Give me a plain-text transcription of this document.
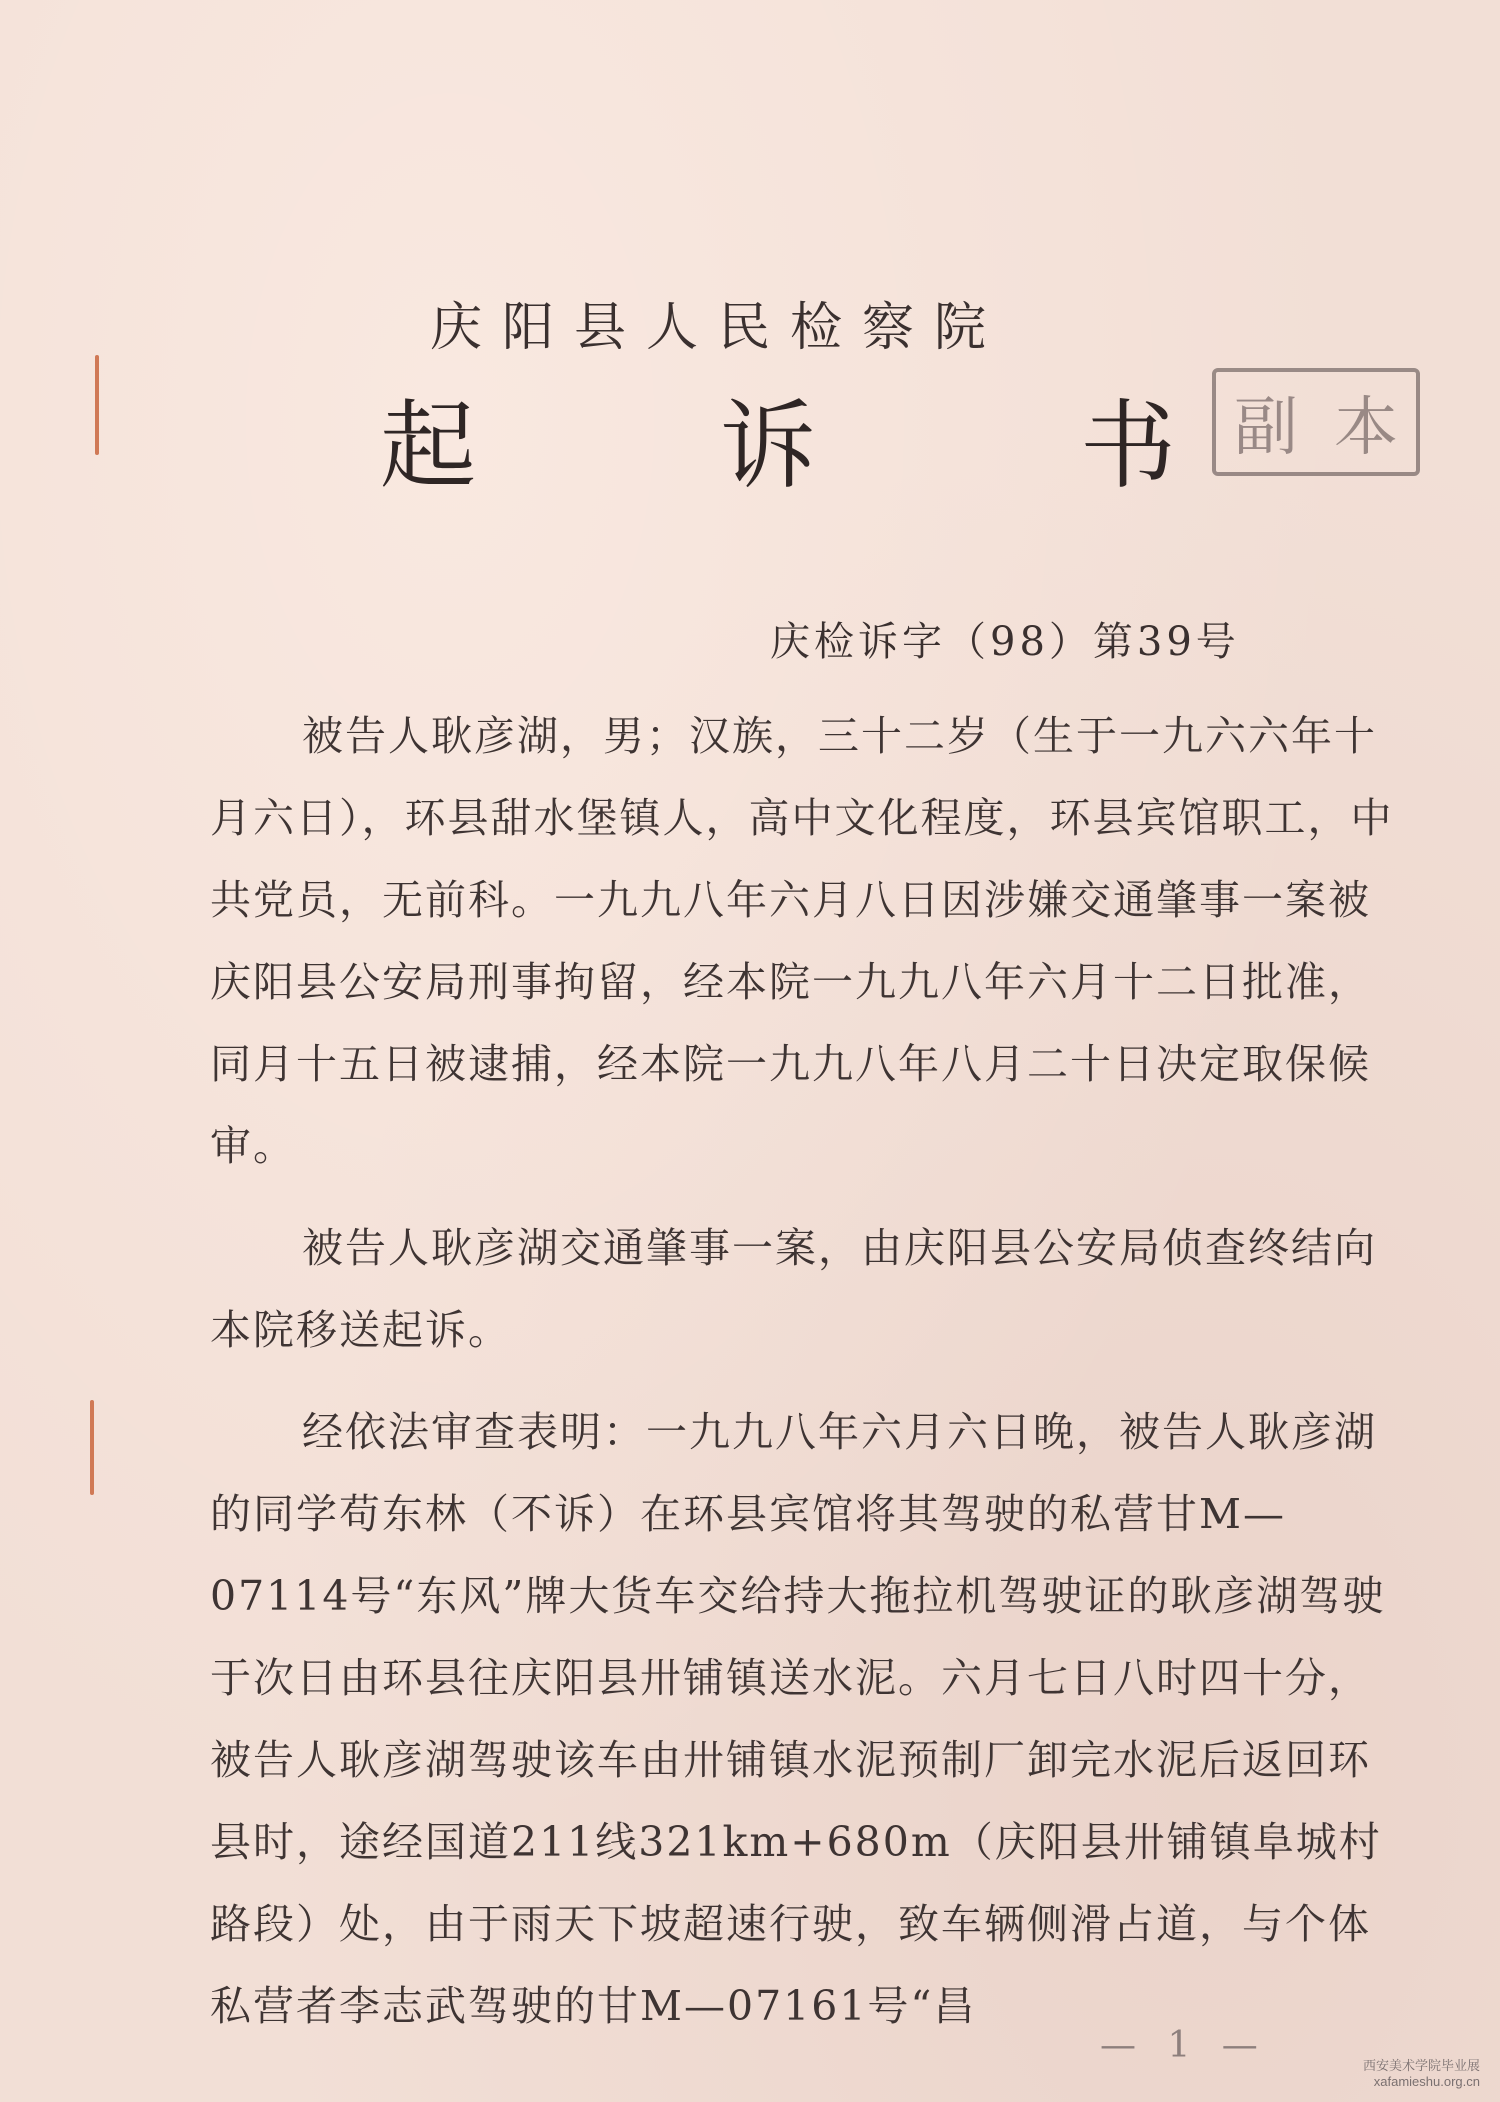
庆阳县人民检察院
起	诉	书 副 本
庆检诉字（98）第39号

被告人耿彦湖，男；汉族，三十二岁（生于一九六六年十月六日），环县甜水堡镇人，高中文化程度，环县宾馆职工，中共党员，无前科。一九九八年六月八日因涉嫌交通肇事一案被庆阳县公安局刑事拘留，经本院一九九八年六月十二日批准，同月十五日被逮捕，经本院一九九八年八月二十日决定取保候审。

被告人耿彦湖交通肇事一案，由庆阳县公安局侦查终结向本院移送起诉。

经依法审查表明：一九九八年六月六日晚，被告人耿彦湖的同学苟东林（不诉）在环县宾馆将其驾驶的私营甘M—07114号“东风”牌大货车交给持大拖拉机驾驶证的耿彦湖驾驶于次日由环县往庆阳县卅铺镇送水泥。六月七日八时四十分，被告人耿彦湖驾驶该车由卅铺镇水泥预制厂卸完水泥后返回环县时，途经国道211线321km+680m（庆阳县卅铺镇阜城村路段）处，由于雨天下坡超速行驶，致车辆侧滑占道，与个体私营者李志武驾驶的甘M—07161号“昌

— 1 —	西安美术学院毕业展
xafamieshu.org.cn
